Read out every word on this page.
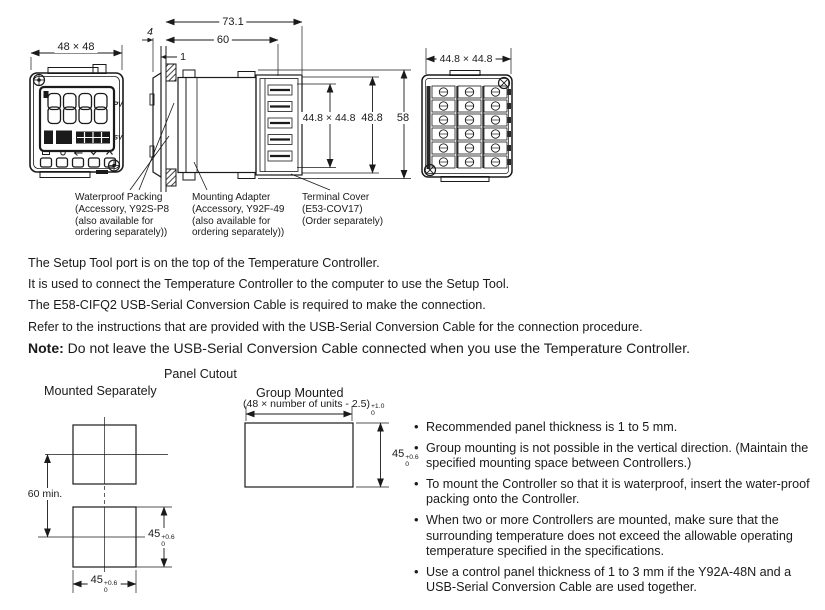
48 × 48
PV
SV
73.1
60
4
1
44.8 × 44.8 48.8 58
44.8 × 44.8
Waterproof Packing
(Accessory, Y92S-P8
(also available for
ordering separately))
Mounting Adapter
(Accessory, Y92F-49
(also available for
ordering separately))
Terminal Cover
(E53-COV17)
(Order separately)

The Setup Tool port is on the top of the Temperature Controller.

It is used to connect the Temperature Controller to the computer to use the Setup Tool.

The E58-CIFQ2 USB-Serial Conversion Cable is required to make the connection.

Refer to the instructions that are provided with the USB-Serial Conversion Cable for the connection procedure.

Note: Do not leave the USB-Serial Conversion Cable connected when you use the Temperature Controller.

Panel Cutout
Mounted Separately	Group Mounted
(48 × number of units - 2.5) +1.0
0
60 min.
45 +0.6
0
45 +0.6
0
45 +0.6
0
• Recommended panel thickness is 1 to 5 mm.
• Group mounting is not possible in the vertical direction. (Maintain the specified mounting space between Controllers.)
• To mount the Controller so that it is waterproof, insert the water-proof packing onto the Controller.
• When two or more Controllers are mounted, make sure that the surrounding temperature does not exceed the allowable operating temperature specified in the specifications.
• Use a control panel thickness of 1 to 3 mm if the Y92A-48N and a USB-Serial Conversion Cable are used together.
